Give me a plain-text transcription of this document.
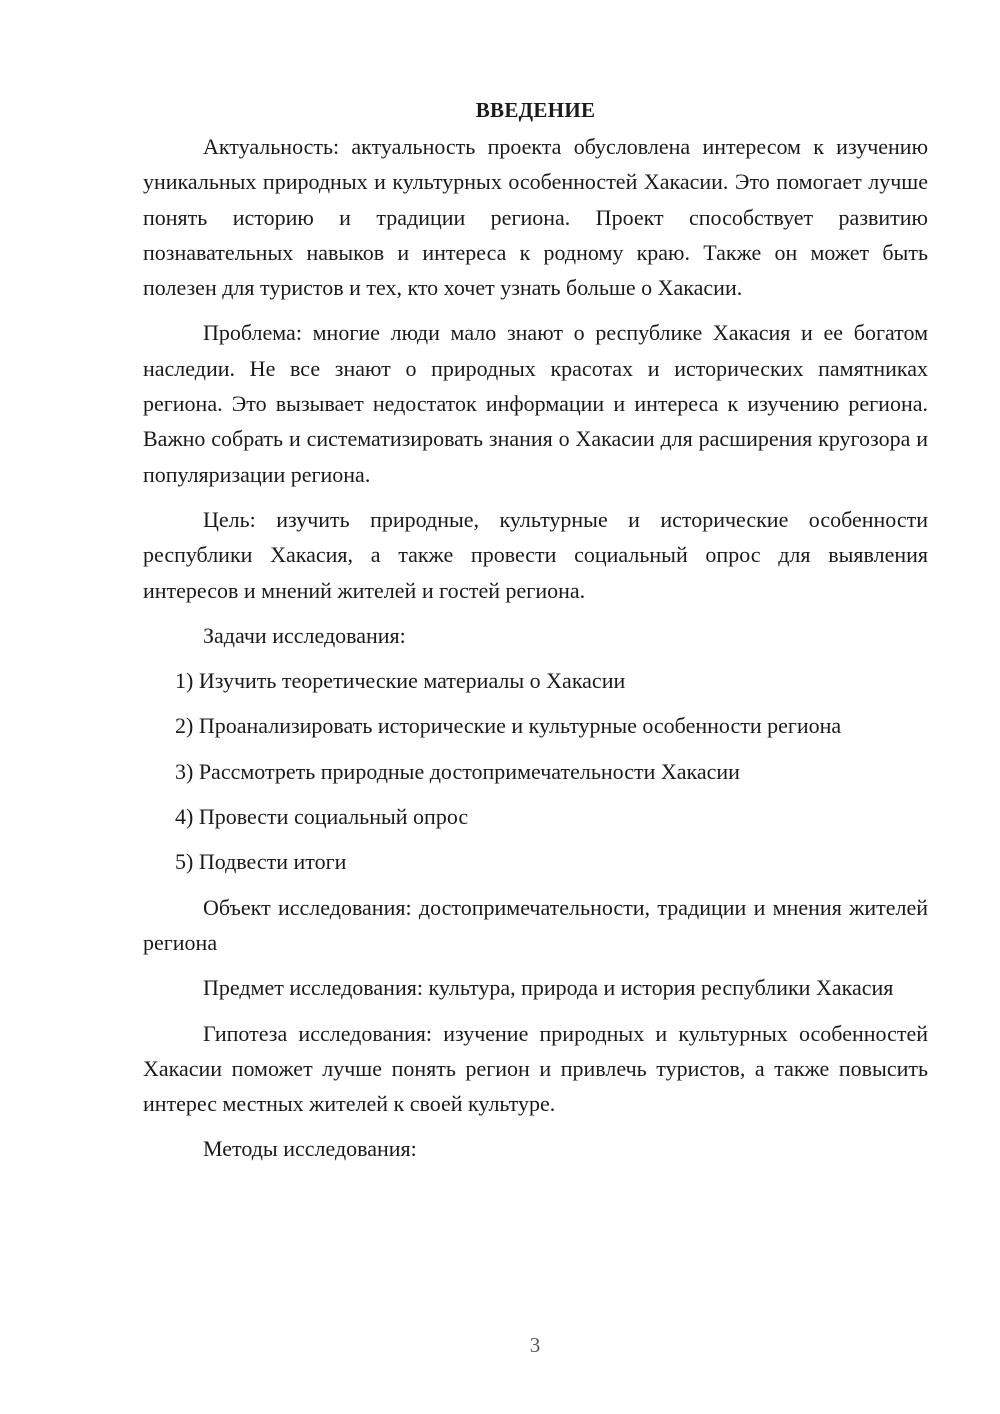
ВВЕДЕНИЕ

Актуальность: актуальность проекта обусловлена интересом к изучению уникальных природных и культурных особенностей Хакасии. Это помогает лучше понять историю и традиции региона. Проект способствует развитию познавательных навыков и интереса к родному краю. Также он может быть полезен для туристов и тех, кто хочет узнать больше о Хакасии.

Проблема: многие люди мало знают о республике Хакасия и ее богатом наследии. Не все знают о природных красотах и исторических памятниках региона. Это вызывает недостаток информации и интереса к изучению региона. Важно собрать и систематизировать знания о Хакасии для расширения кругозора и популяризации региона.

Цель: изучить природные, культурные и исторические особенности республики Хакасия, а также провести социальный опрос для выявления интересов и мнений жителей и гостей региона.

Задачи исследования:

1) Изучить теоретические материалы о Хакасии

2) Проанализировать исторические и культурные особенности региона

3) Рассмотреть природные достопримечательности Хакасии

4) Провести социальный опрос

5) Подвести итоги

Объект исследования: достопримечательности, традиции и мнения жителей региона

Предмет исследования: культура, природа и история республики Хакасия

Гипотеза исследования: изучение природных и культурных особенностей Хакасии поможет лучше понять регион и привлечь туристов, а также повысить интерес местных жителей к своей культуре.

Методы исследования:

3
